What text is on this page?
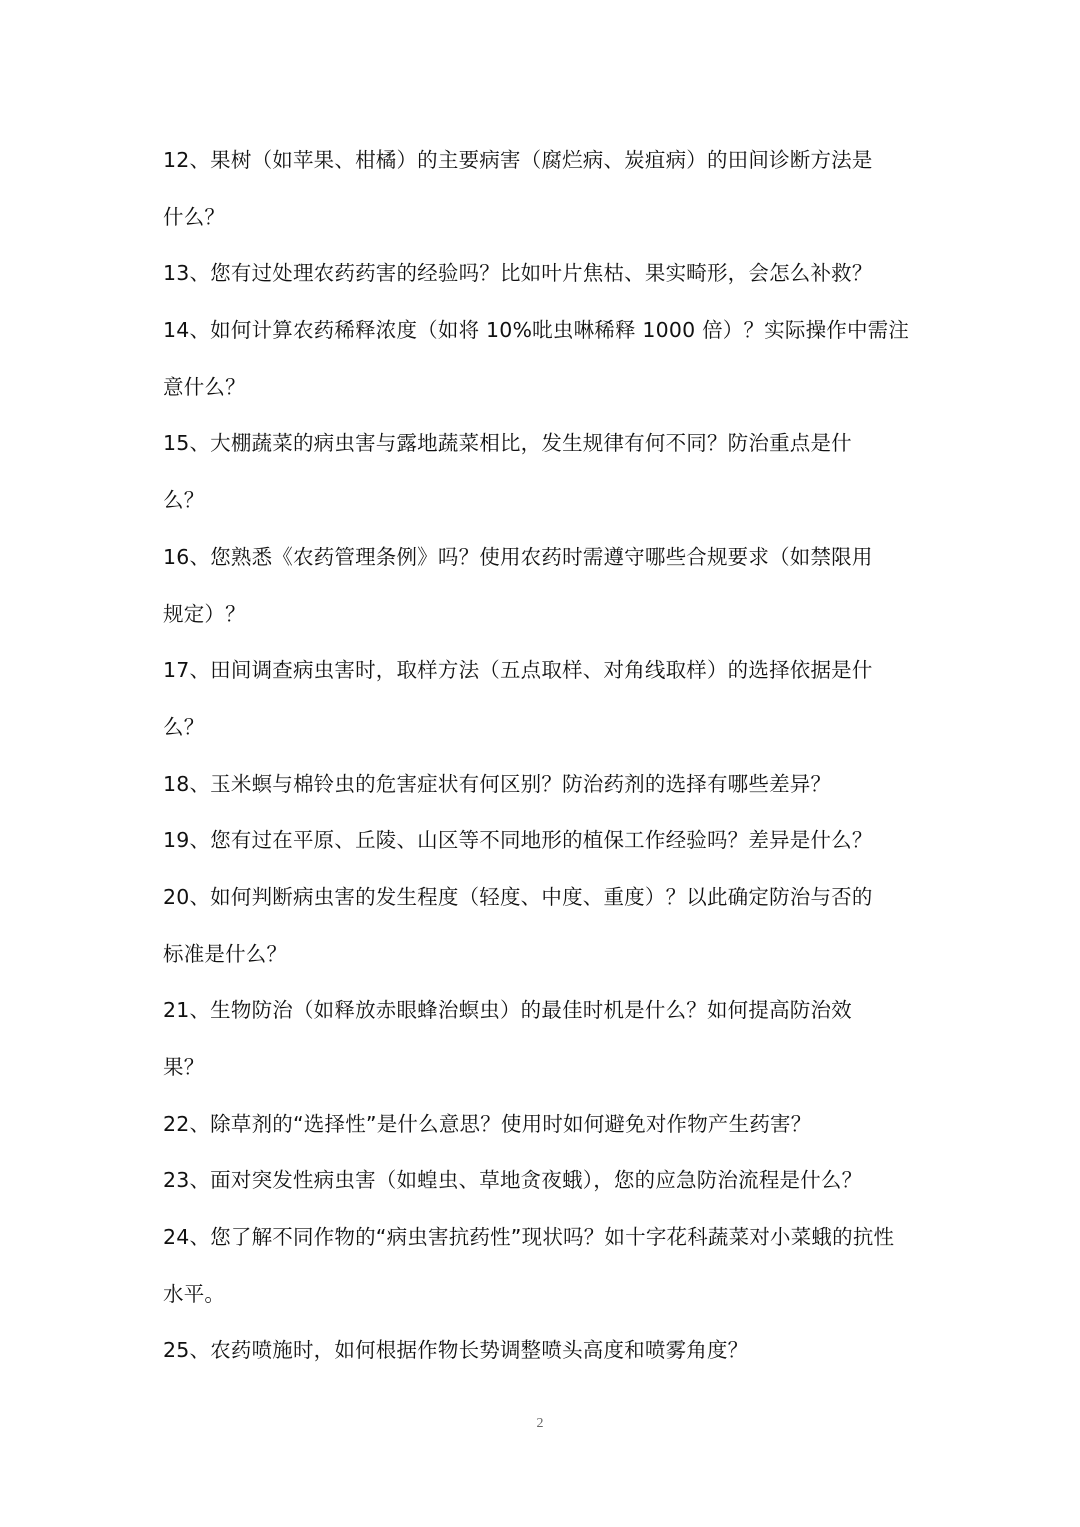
12、果树（如苹果、柑橘）的主要病害（腐烂病、炭疽病）的田间诊断方法是
什么？
13、您有过处理农药药害的经验吗？比如叶片焦枯、果实畸形，会怎么补救？
14、如何计算农药稀释浓度（如将 10%吡虫啉稀释 1000 倍）？实际操作中需注
意什么？
15、大棚蔬菜的病虫害与露地蔬菜相比，发生规律有何不同？防治重点是什
么？
16、您熟悉《农药管理条例》吗？使用农药时需遵守哪些合规要求（如禁限用
规定）？
17、田间调查病虫害时，取样方法（五点取样、对角线取样）的选择依据是什
么？
18、玉米螟与棉铃虫的危害症状有何区别？防治药剂的选择有哪些差异？
19、您有过在平原、丘陵、山区等不同地形的植保工作经验吗？差异是什么？
20、如何判断病虫害的发生程度（轻度、中度、重度）？以此确定防治与否的
标准是什么？
21、生物防治（如释放赤眼蜂治螟虫）的最佳时机是什么？如何提高防治效
果？
22、除草剂的“选择性”是什么意思？使用时如何避免对作物产生药害？
23、面对突发性病虫害（如蝗虫、草地贪夜蛾），您的应急防治流程是什么？
24、您了解不同作物的“病虫害抗药性”现状吗？如十字花科蔬菜对小菜蛾的抗性
水平。
25、农药喷施时，如何根据作物长势调整喷头高度和喷雾角度？
2
